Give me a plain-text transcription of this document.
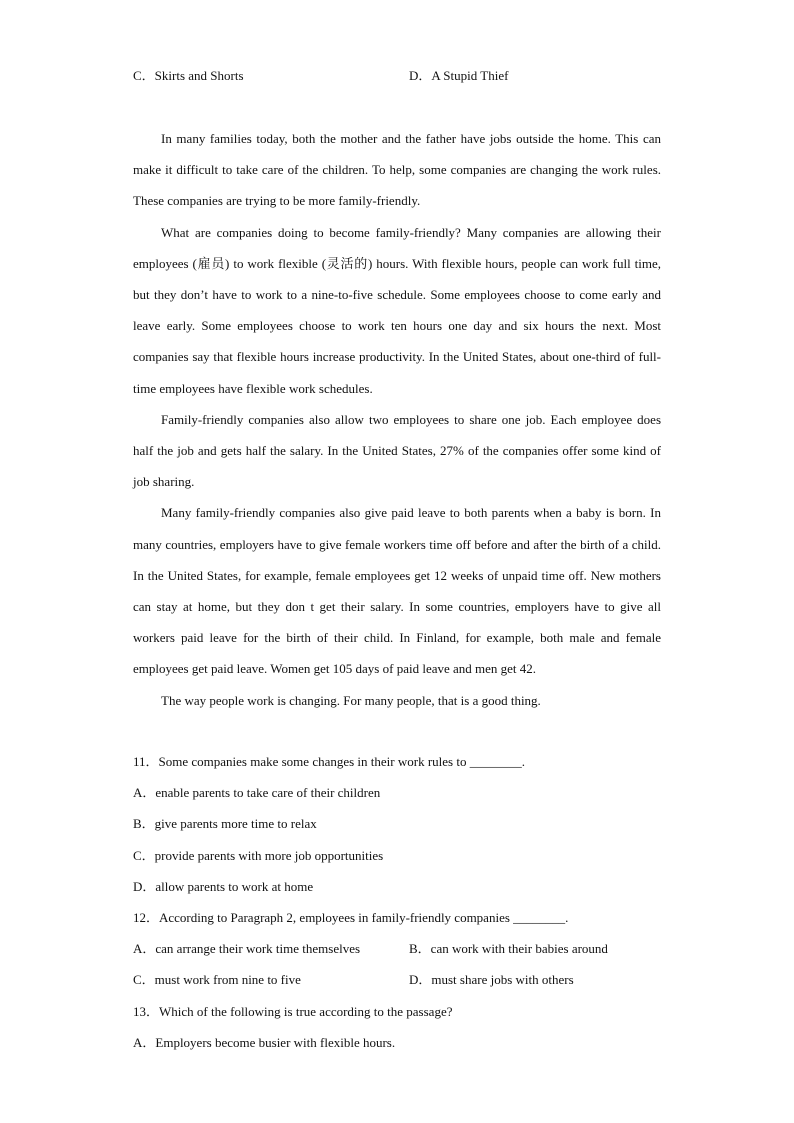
C．Skirts and Shorts	D．A Stupid Thief

In many families today, both the mother and the father have jobs outside the home. This can make it difficult to take care of the children. To help, some companies are changing the work rules. These companies are trying to be more family-friendly.

What are companies doing to become family-friendly? Many companies are allowing their employees (雇员) to work flexible (灵活的) hours. With flexible hours, people can work full time, but they don’t have to work to a nine-to-five schedule. Some employees choose to come early and leave early. Some employees choose to work ten hours one day and six hours the next. Most companies say that flexible hours increase productivity. In the United States, about one-third of full-time employees have flexible work schedules.

Family-friendly companies also allow two employees to share one job. Each employee does half the job and gets half the salary. In the United States, 27% of the companies offer some kind of job sharing.

Many family-friendly companies also give paid leave to both parents when a baby is born. In many countries, employers have to give female workers time off before and after the birth of a child. In the United States, for example, female employees get 12 weeks of unpaid time off. New mothers can stay at home, but they don t get their salary. In some countries, employers have to give all workers paid leave for the birth of their child. In Finland, for example, both male and female employees get paid leave. Women get 105 days of paid leave and men get 42.

The way people work is changing. For many people, that is a good thing.

11．Some companies make some changes in their work rules to ________.
A．enable parents to take care of their children
B．give parents more time to relax
C．provide parents with more job opportunities
D．allow parents to work at home
12．According to Paragraph 2, employees in family-friendly companies ________.
A．can arrange their work time themselves	B．can work with their babies around
C．must work from nine to five	D．must share jobs with others
13．Which of the following is true according to the passage?
A．Employers become busier with flexible hours.
